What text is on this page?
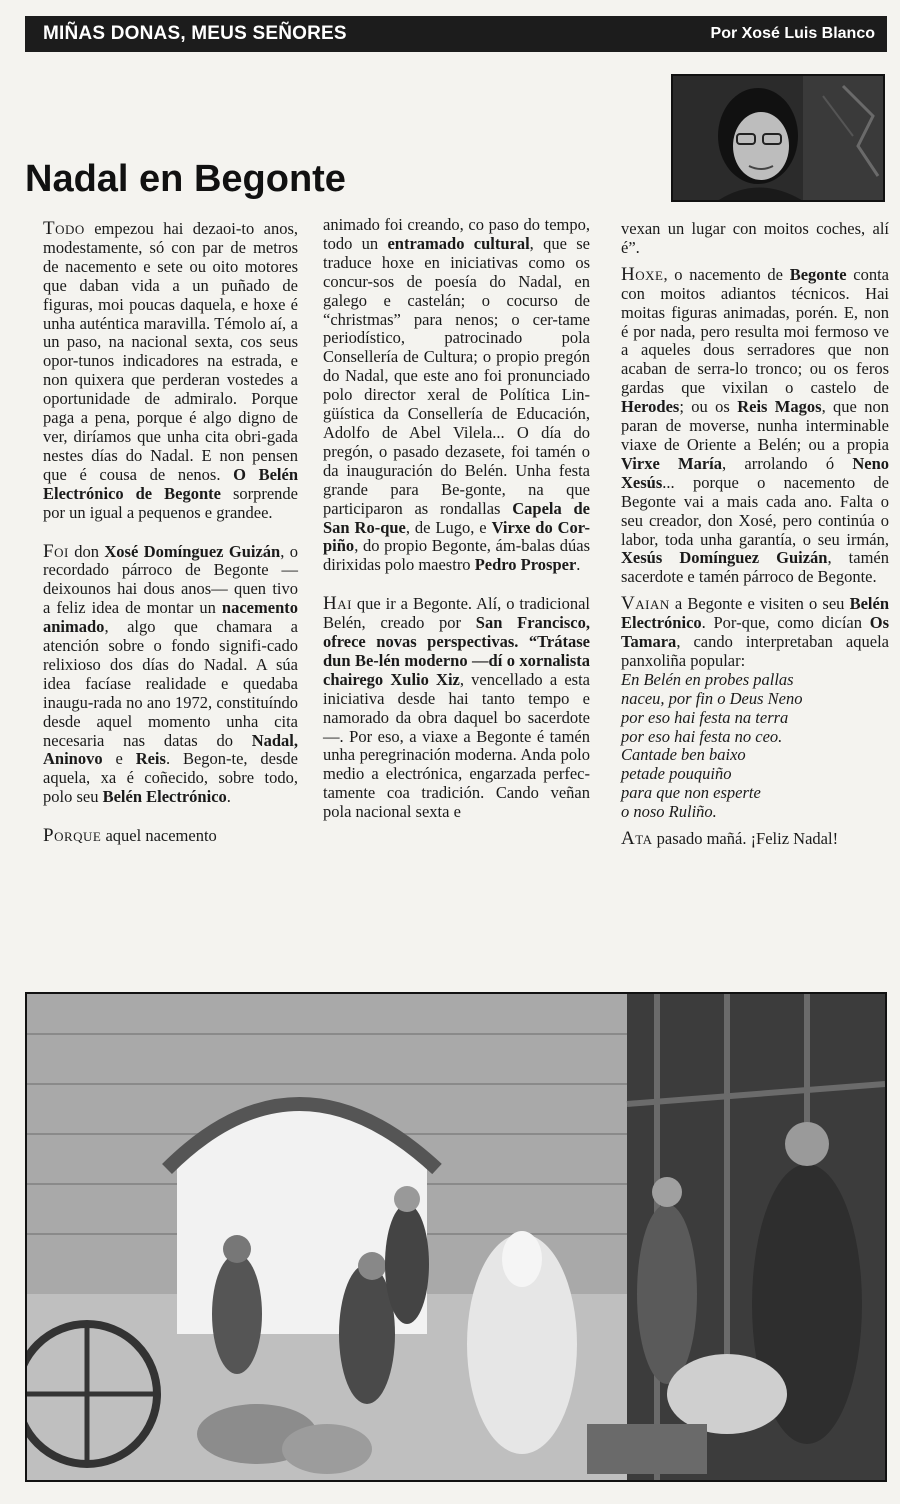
MIÑAS DONAS, MEUS SEÑORES	Por Xosé Luis Blanco
Nadal en Begonte

Todo empezou hai dezaoi-to anos, modestamente, só con par de metros de nacemento e sete ou oito motores que daban vida a un puñado de figuras, moi poucas daquela, e hoxe é unha auténtica maravilla. Témolo aí, a un paso, na nacional sexta, cos seus opor-tunos indicadores na estrada, e non quixera que perderan vostedes a oportunidade de admiralo. Porque paga a pena, porque é algo digno de ver, diríamos que unha cita obri-gada nestes días do Nadal. E non pensen que é cousa de nenos. O Belén Electrónico de Begonte sorprende por un igual a pequenos e grandee.

Foi don Xosé Domínguez Guizán, o recordado párroco de Begonte —deixounos hai dous anos— quen tivo a feliz idea de montar un nacemento animado, algo que chamara a atención sobre o fondo signifi-cado relixioso dos días do Nadal. A súa idea facíase realidade e quedaba inaugu-rada no ano 1972, constituíndo desde aquel momento unha cita necesaria nas datas do Nadal, Aninovo e Reis. Begon-te, desde aquela, xa é coñecido, sobre todo, polo seu Belén Electrónico.

Porque aquel nacemento

animado foi creando, co paso do tempo, todo un entramado cultural, que se traduce hoxe en iniciativas como os concur-sos de poesía do Nadal, en galego e castelán; o cocurso de “christmas” para nenos; o cer-tame periodístico, patrocinado pola Consellería de Cultura; o propio pregón do Nadal, que este ano foi pronunciado polo director xeral de Política Lin-güística da Consellería de Educación, Adolfo de Abel Vilela... O día do pregón, o pasado dezasete, foi tamén o da inauguración do Belén. Unha festa grande para Be-gonte, na que participaron as rondallas Capela de San Ro-que, de Lugo, e Virxe do Cor-piño, do propio Begonte, ám-balas dúas dirixidas polo maestro Pedro Prosper.

Hai que ir a Begonte. Alí, o tradicional Belén, creado por San Francisco, ofrece novas perspectivas. “Trátase dun Be-lén moderno —dí o xornalista chairego Xulio Xiz, vencellado a esta iniciativa desde hai tanto tempo e namorado da obra daquel bo sacerdote—. Por eso, a viaxe a Begonte é tamén unha peregrinación moderna. Anda polo medio a electrónica, engarzada perfec-tamente coa tradición. Cando veñan pola nacional sexta e

vexan un lugar con moitos coches, alí é”.

Hoxe, o nacemento de Begonte conta con moitos adiantos técnicos. Hai moitas figuras animadas, porén. E, non é por nada, pero resulta moi fermoso ve a aqueles dous serradores que non acaban de serra-lo tronco; ou os feros gardas que vixilan o castelo de Herodes; ou os Reis Magos, que non paran de moverse, nunha interminable viaxe de Oriente a Belén; ou a propia Virxe María, arrolando ó Neno Xesús... porque o nacemento de Begonte vai a mais cada ano. Falta o seu creador, don Xosé, pero continúa o labor, toda unha garantía, o seu irmán, Xesús Domínguez Guizán, tamén sacerdote e tamén párroco de Begonte.

Vaian a Begonte e visiten o seu Belén Electrónico. Por-que, como dicían Os Tamara, cando interpretaban aquela panxoliña popular:

En Belén en probes pallas
naceu, por fin o Deus Neno
por eso hai festa na terra
por eso hai festa no ceo.
Cantade ben baixo
petade pouquiño
para que non esperte
o noso Ruliño.

Ata pasado mañá. ¡Feliz Nadal!
